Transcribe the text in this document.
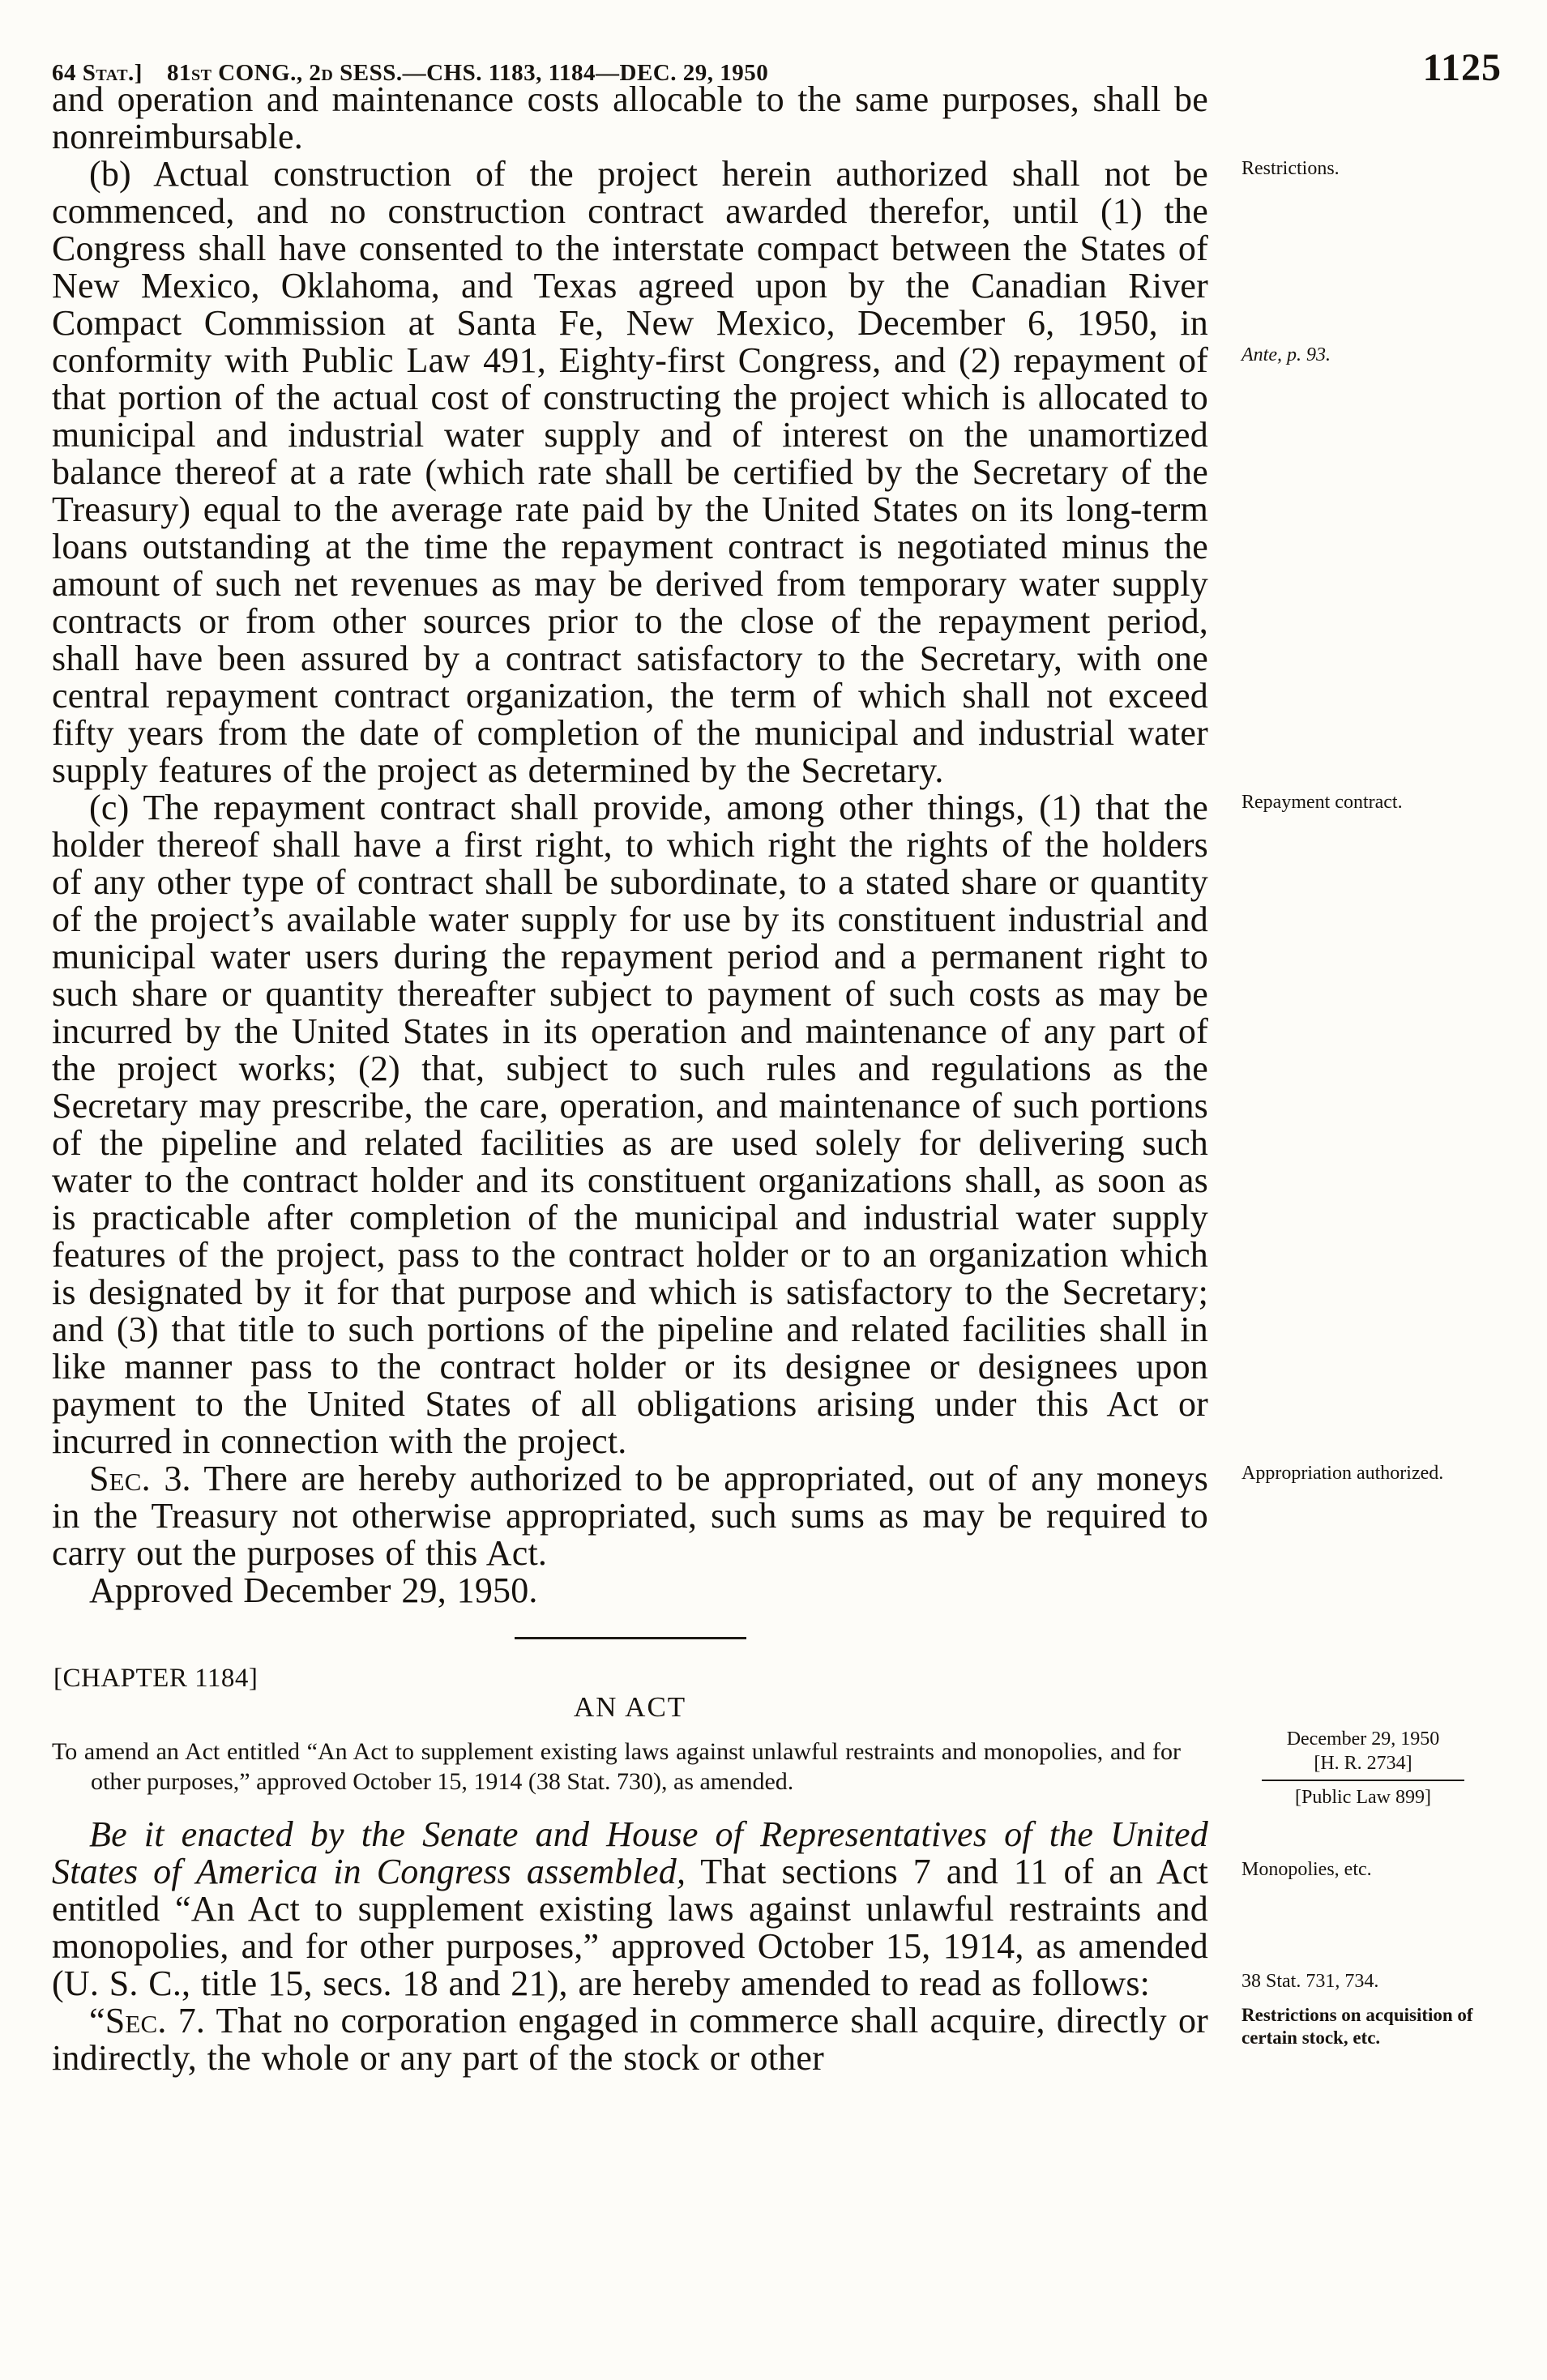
64 Stat.] 81st CONG., 2d SESS.—CHS. 1183, 1184—DEC. 29, 1950	1125

and operation and maintenance costs allocable to the same purposes, shall be nonreimbursable.

(b) Actual construction of the project herein authorized shall not be commenced, and no construction contract awarded therefor, until (1) the Congress shall have consented to the interstate compact between the States of New Mexico, Oklahoma, and Texas agreed upon by the Canadian River Compact Commission at Santa Fe, New Mexico, December 6, 1950, in conformity with Public Law 491, Eighty-first Congress, and (2) repayment of that portion of the actual cost of constructing the project which is allocated to municipal and industrial water supply and of interest on the unamortized balance thereof at a rate (which rate shall be certified by the Secretary of the Treasury) equal to the average rate paid by the United States on its long-term loans outstanding at the time the repayment contract is negotiated minus the amount of such net revenues as may be derived from temporary water supply contracts or from other sources prior to the close of the repayment period, shall have been assured by a contract satisfactory to the Secretary, with one central repayment contract organization, the term of which shall not exceed fifty years from the date of completion of the municipal and industrial water supply features of the project as determined by the Secretary.
Restrictions.
Ante, p. 93.
(c) The repayment contract shall provide, among other things, (1) that the holder thereof shall have a first right, to which right the rights of the holders of any other type of contract shall be subordinate, to a stated share or quantity of the project’s available water supply for use by its constituent industrial and municipal water users during the repayment period and a permanent right to such share or quantity thereafter subject to payment of such costs as may be incurred by the United States in its operation and maintenance of any part of the project works; (2) that, subject to such rules and regulations as the Secretary may prescribe, the care, operation, and maintenance of such portions of the pipeline and related facilities as are used solely for delivering such water to the contract holder and its constituent organizations shall, as soon as is practicable after completion of the municipal and industrial water supply features of the project, pass to the contract holder or to an organization which is designated by it for that purpose and which is satisfactory to the Secretary; and (3) that title to such portions of the pipeline and related facilities shall in like manner pass to the contract holder or its designee or designees upon payment to the United States of all obligations arising under this Act or incurred in connection with the project.
Repayment contract.
Sec. 3. There are hereby authorized to be appropriated, out of any moneys in the Treasury not otherwise appropriated, such sums as may be required to carry out the purposes of this Act.
Appropriation authorized.

Approved December 29, 1950.

[CHAPTER 1184]
AN ACT
To amend an Act entitled “An Act to supplement existing laws against unlawful restraints and monopolies, and for other purposes,” approved October 15, 1914 (38 Stat. 730), as amended.
December 29, 1950
[H. R. 2734]
[Public Law 899]
Be it enacted by the Senate and House of Representatives of the United States of America in Congress assembled, That sections 7 and 11 of an Act entitled “An Act to supplement existing laws against unlawful restraints and monopolies, and for other purposes,” approved October 15, 1914, as amended (U. S. C., title 15, secs. 18 and 21), are hereby amended to read as follows:
Monopolies, etc.
38 Stat. 731, 734.
“Sec. 7. That no corporation engaged in commerce shall acquire, directly or indirectly, the whole or any part of the stock or other
Restrictions on acquisition of certain stock, etc.
